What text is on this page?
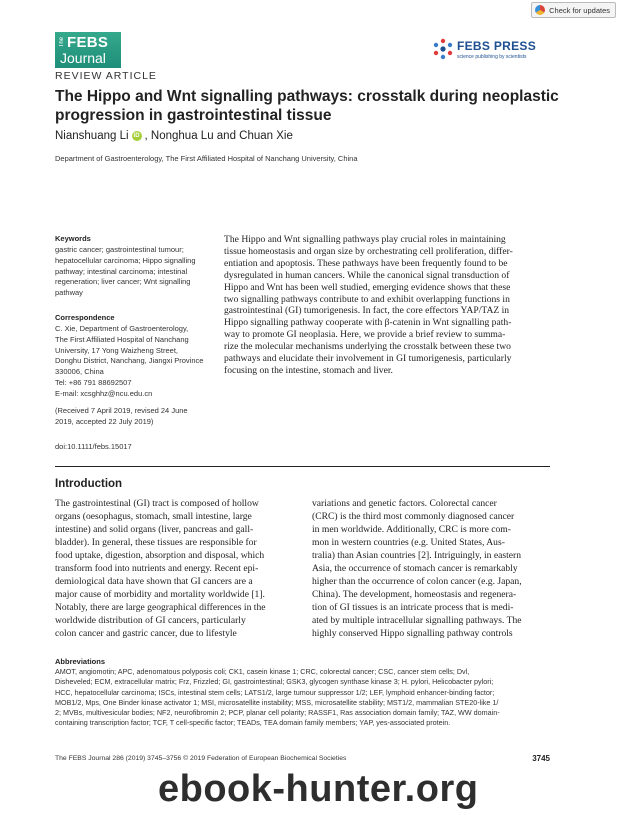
Check for updates
The FEBS
Journal
REVIEW ARTICLE
FEBS PRESS
science publishing by scientists
The Hippo and Wnt signalling pathways: crosstalk during neoplastic progression in gastrointestinal tissue
Nianshuang Li iD , Nonghua Lu and Chuan Xie
Department of Gastroenterology, The First Affiliated Hospital of Nanchang University, China
Keywords
gastric cancer; gastrointestinal tumour;
hepatocellular carcinoma; Hippo signalling
pathway; intestinal carcinoma; intestinal
regeneration; liver cancer; Wnt signalling
pathway
Correspondence
C. Xie, Department of Gastroenterology,
The First Affiliated Hospital of Nanchang
University, 17 Yong Waizheng Street,
Donghu District, Nanchang, Jiangxi Province
330006, China
Tel: +86 791 88692507
E-mail: xcsghhz@ncu.edu.cn
(Received 7 April 2019, revised 24 June
2019, accepted 22 July 2019)
doi:10.1111/febs.15017
The Hippo and Wnt signalling pathways play crucial roles in maintaining
tissue homeostasis and organ size by orchestrating cell proliferation, differ-
entiation and apoptosis. These pathways have been frequently found to be
dysregulated in human cancers. While the canonical signal transduction of
Hippo and Wnt has been well studied, emerging evidence shows that these
two signalling pathways contribute to and exhibit overlapping functions in
gastrointestinal (GI) tumorigenesis. In fact, the core effectors YAP/TAZ in
Hippo signalling pathway cooperate with β-catenin in Wnt signalling path-
way to promote GI neoplasia. Here, we provide a brief review to summa-
rize the molecular mechanisms underlying the crosstalk between these two
pathways and elucidate their involvement in GI tumorigenesis, particularly
focusing on the intestine, stomach and liver.
Introduction
The gastrointestinal (GI) tract is composed of hollow
organs (oesophagus, stomach, small intestine, large
intestine) and solid organs (liver, pancreas and gall-
bladder). In general, these tissues are responsible for
food uptake, digestion, absorption and disposal, which
transform food into nutrients and energy. Recent epi-
demiological data have shown that GI cancers are a
major cause of morbidity and mortality worldwide [1].
Notably, there are large geographical differences in the
worldwide distribution of GI cancers, particularly
colon cancer and gastric cancer, due to lifestyle
variations and genetic factors. Colorectal cancer
(CRC) is the third most commonly diagnosed cancer
in men worldwide. Additionally, CRC is more com-
mon in western countries (e.g. United States, Aus-
tralia) than Asian countries [2]. Intriguingly, in eastern
Asia, the occurrence of stomach cancer is remarkably
higher than the occurrence of colon cancer (e.g. Japan,
China). The development, homeostasis and regenera-
tion of GI tissues is an intricate process that is medi-
ated by multiple intracellular signalling pathways. The
highly conserved Hippo signalling pathway controls
Abbreviations
AMOT, angiomotin; APC, adenomatous polyposis coli; CK1, casein kinase 1; CRC, colorectal cancer; CSC, cancer stem cells; Dvl,
Disheveled; ECM, extracellular matrix; Frz, Frizzled; GI, gastrointestinal; GSK3, glycogen synthase kinase 3; H. pylori, Helicobacter pylori;
HCC, hepatocellular carcinoma; ISCs, intestinal stem cells; LATS1/2, large tumour suppressor 1/2; LEF, lymphoid enhancer-binding factor;
MOB1/2, Mps, One Binder kinase activator 1; MSI, microsatellite instability; MSS, microsatellite stability; MST1/2, mammalian STE20-like 1/
2; MVBs, multivesicular bodies; NF2, neurofibromin 2; PCP, planar cell polarity; RASSF1, Ras association domain family; TAZ, WW domain-
containing transcription factor; TCF, T cell-specific factor; TEADs, TEA domain family members; YAP, yes-associated protein.
The FEBS Journal 286 (2019) 3745–3756 © 2019 Federation of European Biochemical Societies	3745
ebook-hunter.org
